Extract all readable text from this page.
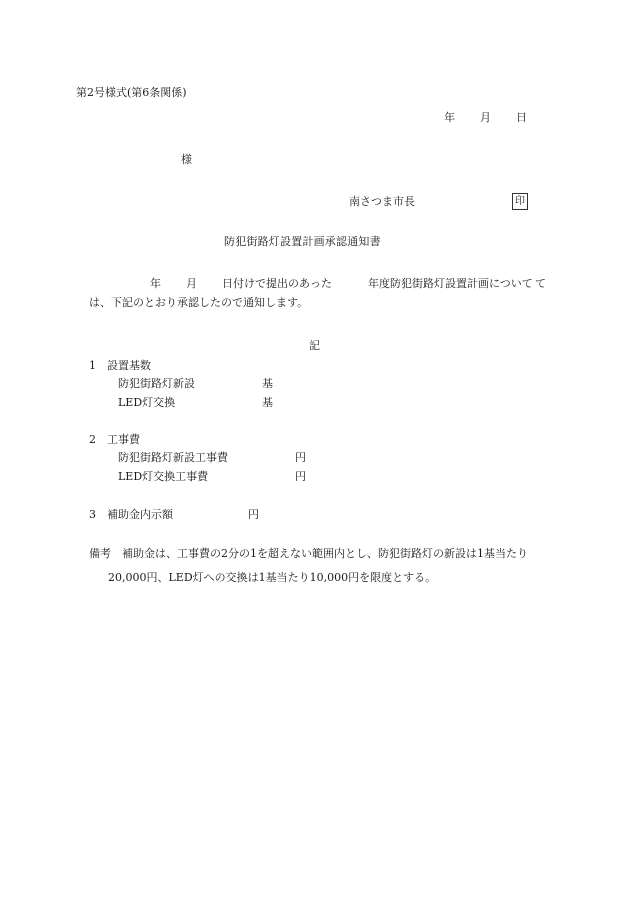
第2号様式(第6条関係)
年 月 日
様
南さつま市長	印
防犯街路灯設置計画承認通知書
年 月 日付けで提出のあった	年度防犯街路灯設置計画について て
は、下記のとおり承認したので通知します。
記
1 設置基数
防犯街路灯新設	基
LED灯交換	基
2 工事費
防犯街路灯新設工事費	円
LED灯交換工事費	円
3 補助金内示額	円
備考 補助金は、工事費の2分の1を超えない範囲内とし、防犯街路灯の新設は1基当たり
20,000円、LED灯への交換は1基当たり10,000円を限度とする。
